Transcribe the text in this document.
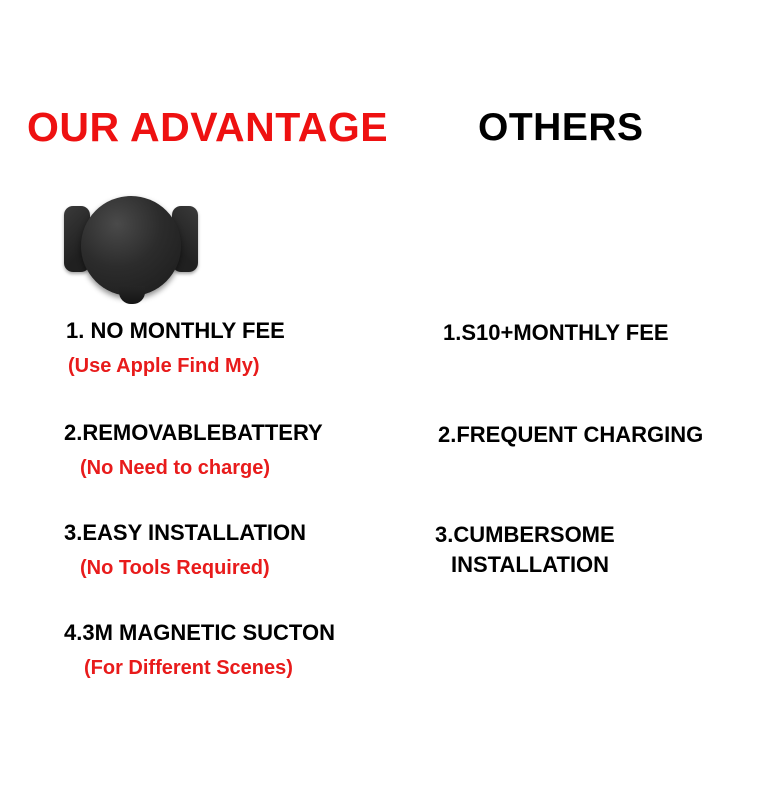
OUR ADVANTAGE OTHERS
1. NO MONTHLY FEE
(Use Apple Find My)
1.S10+MONTHLY FEE
2.REMOVABLEBATTERY
(No Need to charge)
2.FREQUENT CHARGING
3.EASY INSTALLATION
(No Tools Required)
3.CUMBERSOME
INSTALLATION
4.3M MAGNETIC SUCTON
(For Different Scenes)
